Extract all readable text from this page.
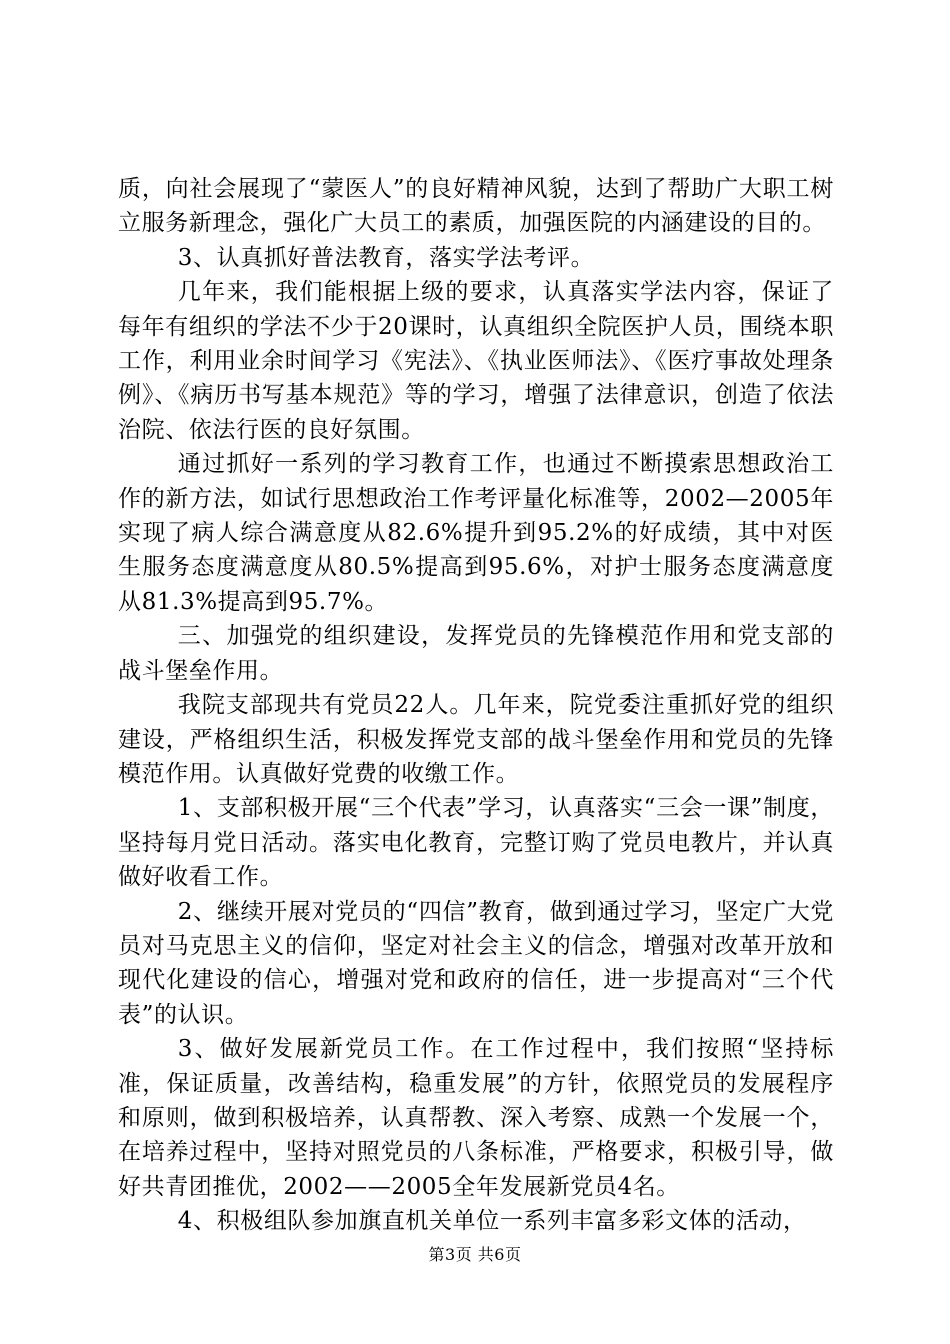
质，向社会展现了“蒙医人”的良好精神风貌，达到了帮助广大职工树立服务新理念，强化广大员工的素质，加强医院的内涵建设的目的。

3、认真抓好普法教育，落实学法考评。

几年来，我们能根据上级的要求，认真落实学法内容，保证了每年有组织的学法不少于20课时，认真组织全院医护人员，围绕本职工作，利用业余时间学习《宪法》、《执业医师法》、《医疗事故处理条例》、《病历书写基本规范》等的学习，增强了法律意识，创造了依法治院、依法行医的良好氛围。

通过抓好一系列的学习教育工作，也通过不断摸索思想政治工作的新方法，如试行思想政治工作考评量化标准等，2002—2005年实现了病人综合满意度从82.6%提升到95.2%的好成绩，其中对医生服务态度满意度从80.5%提高到95.6%，对护士服务态度满意度从81.3%提高到95.7%。

三、加强党的组织建设，发挥党员的先锋模范作用和党支部的战斗堡垒作用。

我院支部现共有党员22人。几年来，院党委注重抓好党的组织建设，严格组织生活，积极发挥党支部的战斗堡垒作用和党员的先锋模范作用。认真做好党费的收缴工作。

1、支部积极开展“三个代表”学习，认真落实“三会一课”制度，坚持每月党日活动。落实电化教育，完整订购了党员电教片，并认真做好收看工作。

2、继续开展对党员的“四信”教育，做到通过学习，坚定广大党员对马克思主义的信仰，坚定对社会主义的信念，增强对改革开放和现代化建设的信心，增强对党和政府的信任，进一步提高对“三个代表”的认识。

3、做好发展新党员工作。在工作过程中，我们按照“坚持标准，保证质量，改善结构，稳重发展”的方针，依照党员的发展程序和原则，做到积极培养，认真帮教、深入考察、成熟一个发展一个，在培养过程中，坚持对照党员的八条标准，严格要求，积极引导，做好共青团推优，2002——2005全年发展新党员4名。

4、积极组队参加旗直机关单位一系列丰富多彩文体的活动，

第3页 共6页
